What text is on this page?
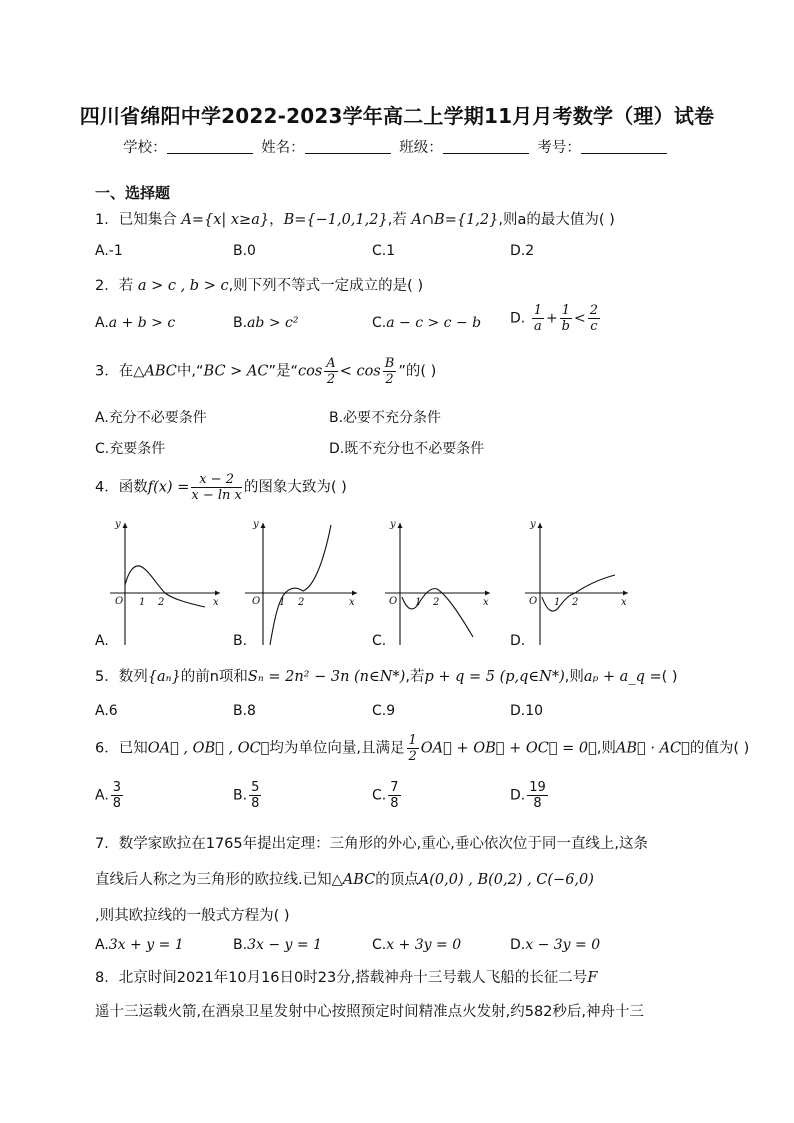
四川省绵阳中学2022-2023学年高二上学期11月月考数学（理）试卷
学校：	姓名：	班级：	考号：
一、选择题
1．已知集合 A={x| x≥a}，B={−1,0,1,2},若 A∩B={1,2},则a的最大值为( )
A.-1	B.0	C.1	D.2
2．若 a > c , b > c,则下列不等式一定成立的是( )
A.a + b > c	B.ab > c²	C.a − c > c − b D. $\frac{1}{a} + \frac{1}{b} < \frac{2}{c}$
3．在△ABC中,“BC > AC”是“$\cos \frac{A}{2} < \cos \frac{B}{2}$ ”的( )
A.充分不必要条件	B.必要不充分条件
C.充要条件	D.既不充分也不必要条件
4．函数$f(x) = \frac{x - 2}{\text{x − ln x}}$ 的图象大致为( )
y
x
O 1 2
y
x
O 1 2
y
x
O 1 2
y
x
O 1 2
A.	B.	C.	D.
5．数列{aₙ}的前n项和Sₙ = 2n² − 3n (n∈N*),若p + q = 5 (p,q∈N*),则aₚ + a_q =( )
A.6	B.8	C.9	D.10
6．已知OA⃗ , OB⃗ , OC⃗均为单位向量,且满足 $\frac{1}{2}$ OA⃗ + OB⃗ + OC⃗ = 0⃗,则AB⃗ · AC⃗的值为( )
A. $\frac{3}{8}$	B. $\frac{5}{8}$	C. $\frac{7}{8}$	D. $\frac{19}{8}$
7．数学家欧拉在1765年提出定理：三角形的外心,重心,垂心依次位于同一直线上,这条
直线后人称之为三角形的欧拉线.已知△ABC的顶点A(0,0) , B(0,2) , C(−6,0)
,则其欧拉线的一般式方程为( )
A.3x + y = 1	B.3x − y = 1	C.x + 3y = 0	D.x − 3y = 0
8．北京时间2021年10月16日0时23分,搭载神舟十三号载人飞船的长征二号F
遥十三运载火箭,在酒泉卫星发射中心按照预定时间精准点火发射,约582秒后,神舟十三
